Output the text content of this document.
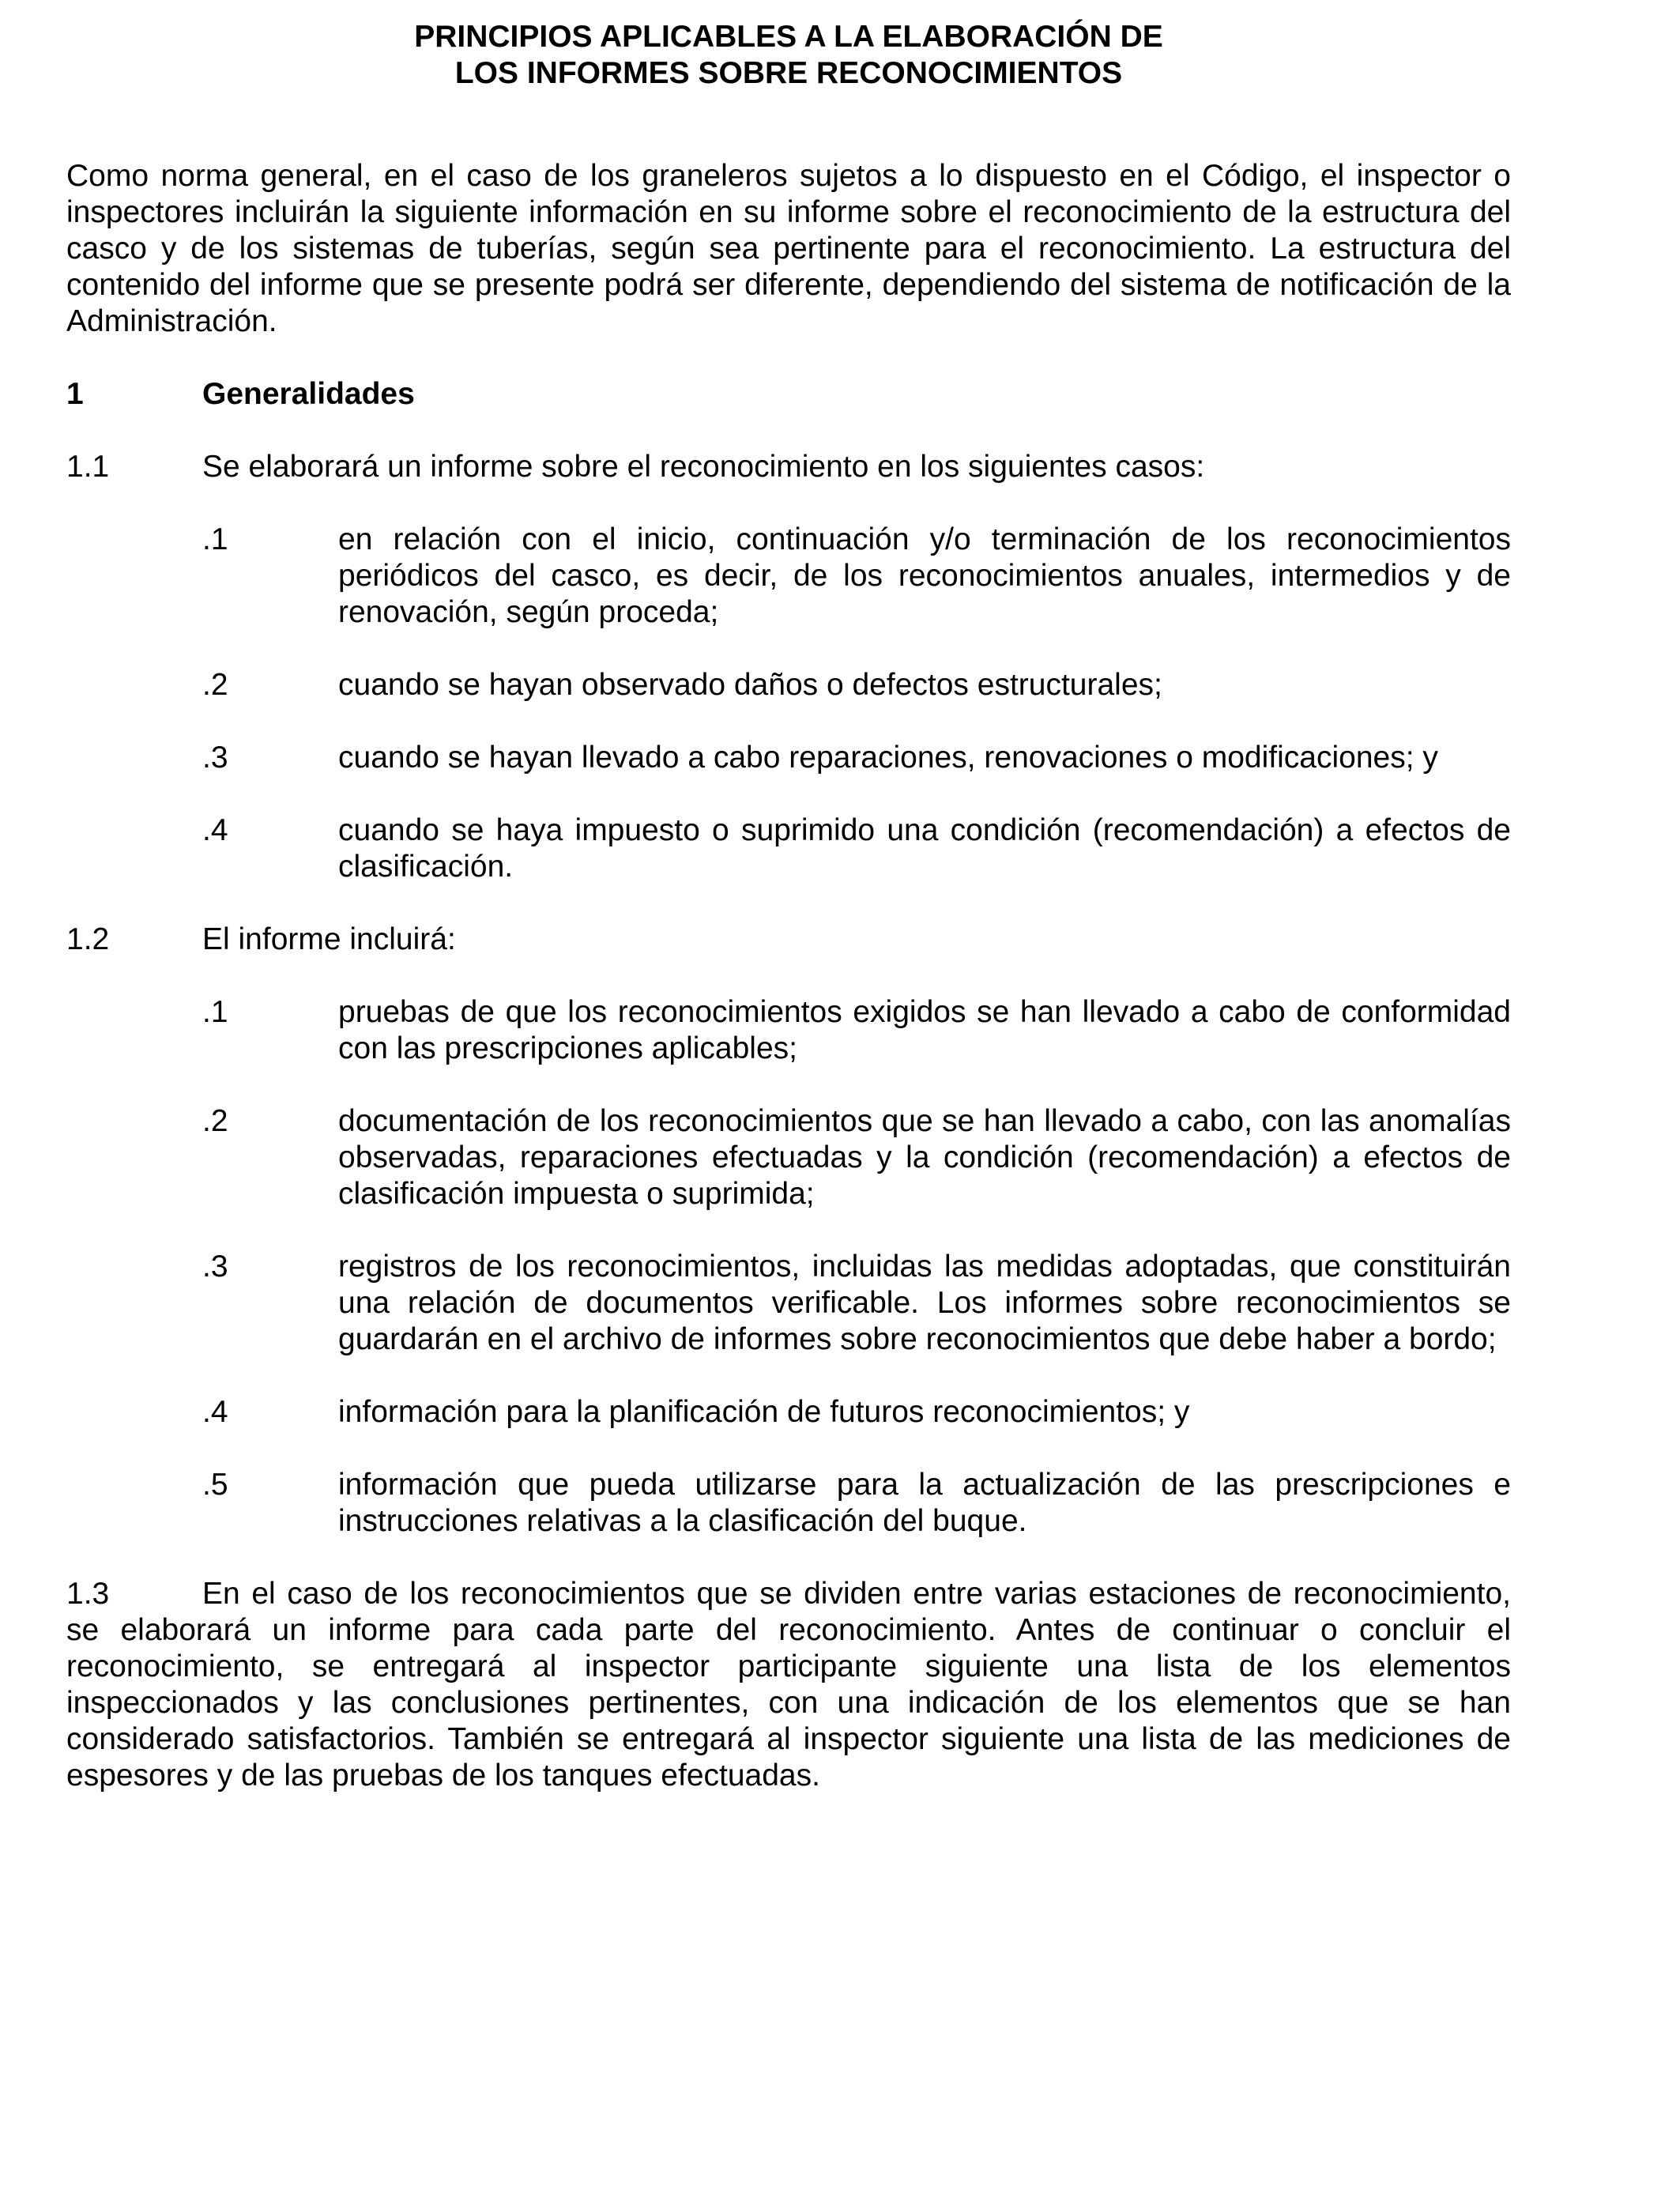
PRINCIPIOS APLICABLES A LA ELABORACIÓN DE
LOS INFORMES SOBRE RECONOCIMIENTOS

Como norma general, en el caso de los graneleros sujetos a lo dispuesto en el Código, el inspector o inspectores incluirán la siguiente información en su informe sobre el reconocimiento de la estructura del casco y de los sistemas de tuberías, según sea pertinente para el reconocimiento. La estructura del contenido del informe que se presente podrá ser diferente, dependiendo del sistema de notificación de la Administración.

1	Generalidades
1.1	Se elaborará un informe sobre el reconocimiento en los siguientes casos:
.1	en relación con el inicio, continuación y/o terminación de los reconocimientos periódicos del casco, es decir, de los reconocimientos anuales, intermedios y de renovación, según proceda;
.2	cuando se hayan observado daños o defectos estructurales;
.3	cuando se hayan llevado a cabo reparaciones, renovaciones o modificaciones; y
.4	cuando se haya impuesto o suprimido una condición (recomendación) a efectos de clasificación.
1.2	El informe incluirá:
.1	pruebas de que los reconocimientos exigidos se han llevado a cabo de conformidad con las prescripciones aplicables;
.2	documentación de los reconocimientos que se han llevado a cabo, con las anomalías observadas, reparaciones efectuadas y la condición (recomendación) a efectos de clasificación impuesta o suprimida;
.3	registros de los reconocimientos, incluidas las medidas adoptadas, que constituirán una relación de documentos verificable. Los informes sobre reconocimientos se guardarán en el archivo de informes sobre reconocimientos que debe haber a bordo;
.4	información para la planificación de futuros reconocimientos; y
.5	información que pueda utilizarse para la actualización de las prescripciones e instrucciones relativas a la clasificación del buque.

1.3	En el caso de los reconocimientos que se dividen entre varias estaciones de reconocimiento, se elaborará un informe para cada parte del reconocimiento. Antes de continuar o concluir el reconocimiento, se entregará al inspector participante siguiente una lista de los elementos inspeccionados y las conclusiones pertinentes, con una indicación de los elementos que se han considerado satisfactorios. También se entregará al inspector siguiente una lista de las mediciones de espesores y de las pruebas de los tanques efectuadas.
